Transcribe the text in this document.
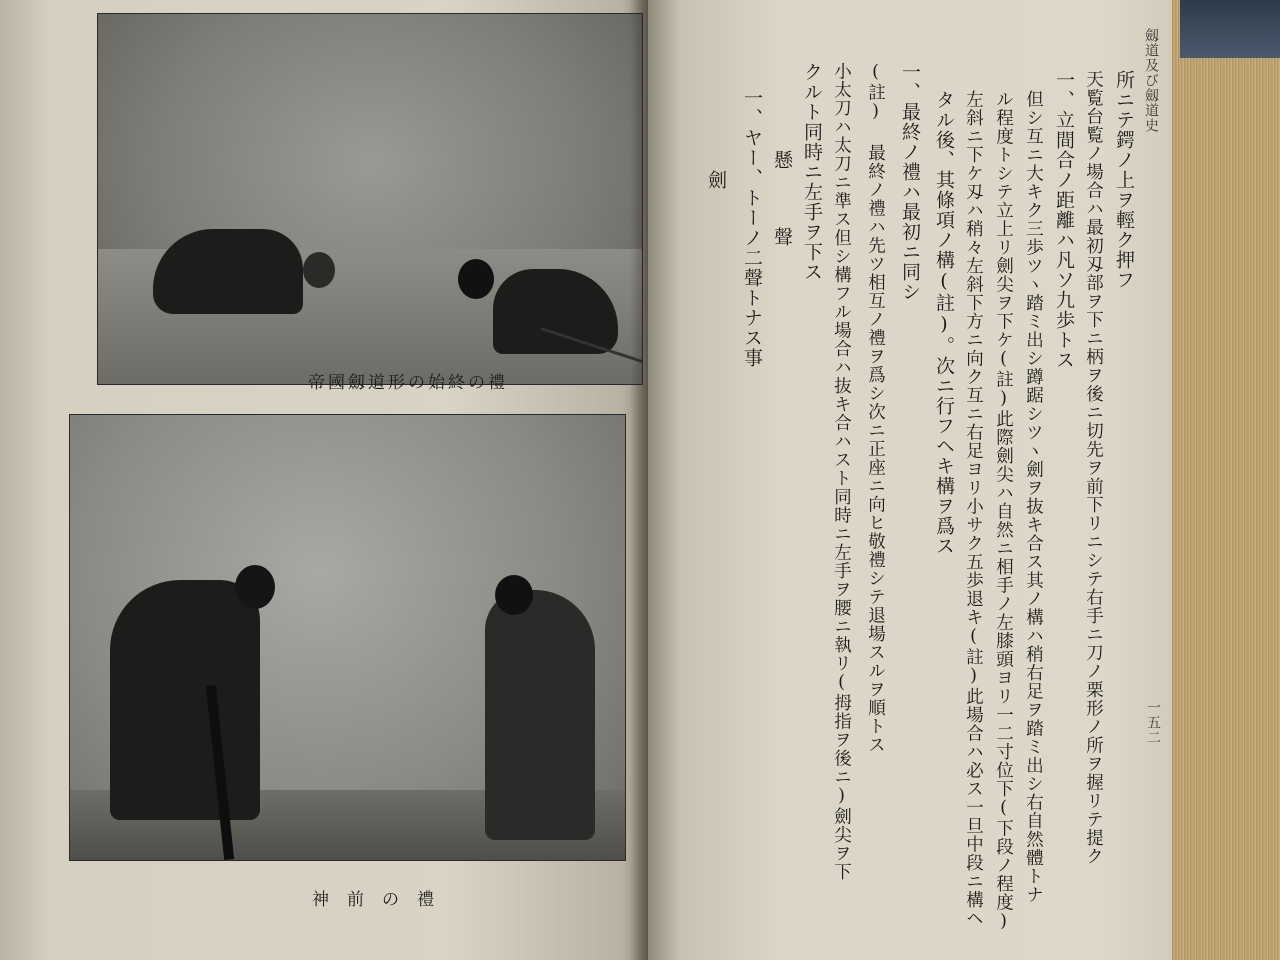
帝國劔道形の始終の禮

神前の禮

劔道及び劔道史

一五二

所ニテ鍔ノ上ヲ輕ク押フ

天覧台覧ノ場合ハ最初刄部ヲ下ニ柄ヲ後ニ切先ヲ前下リニシテ右手ニ刀ノ栗形ノ所ヲ握リテ提ク

一、立間合ノ距離ハ凡ソ九歩トス

但シ互ニ大キク三歩ツヽ踏ミ出シ蹲踞シツヽ劍ヲ抜キ合ス其ノ構ハ稍右足ヲ踏ミ出シ右自然體トナ

ル程度トシテ立上リ劍尖ヲ下ケ(註)此際劍尖ハ自然ニ相手ノ左膝頭ヨリ一二寸位下(下段ノ程度)

左斜ニ下ケ刄ハ稍々左斜下方ニ向ク互ニ右足ヨリ小サク五歩退キ(註)此場合ハ必ス一旦中段ニ構ヘ

タル後、其條項ノ構(註)。次ニ行フヘキ構ヲ爲ス

一、最終ノ禮ハ最初ニ同シ

(註) 最終ノ禮ハ先ツ相互ノ禮ヲ爲シ次ニ正座ニ向ヒ敬禮シテ退場スルヲ順トス

小太刀ハ太刀ニ準ス但シ構フル場合ハ抜キ合ハスト同時ニ左手ヲ腰ニ執リ(拇指ヲ後ニ)劍尖ヲ下

クルト同時ニ左手ヲ下ス

懸 聲

一、ヤー、トーノ二聲トナス事

劍
